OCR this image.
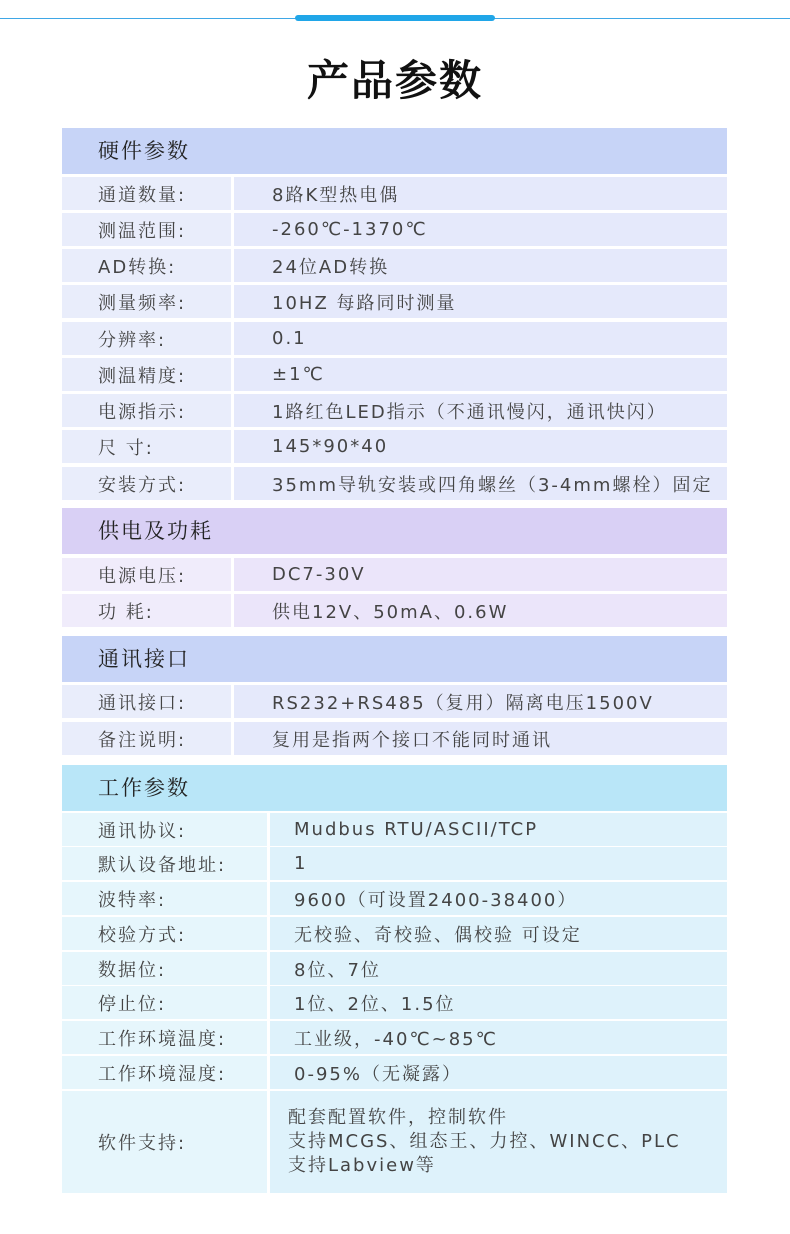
产品参数
硬件参数
通道数量:	8路K型热电偶
测温范围:	-260℃-1370℃
AD转换:	24位AD转换
测量频率:	10HZ 每路同时测量
分辨率:	0.1
测温精度:	±1℃
电源指示:	1路红色LED指示（不通讯慢闪，通讯快闪）
尺 寸:	145*90*40
安装方式:	35mm导轨安装或四角螺丝（3-4mm螺栓）固定
供电及功耗
电源电压:	DC7-30V
功 耗:	供电12V、50mA、0.6W
通讯接口
通讯接口:	RS232+RS485（复用）隔离电压1500V
备注说明:	复用是指两个接口不能同时通讯
工作参数
通讯协议:	Mudbus RTU/ASCII/TCP
默认设备地址:	1
波特率:	9600（可设置2400-38400）
校验方式:	无校验、奇校验、偶校验 可设定
数据位:	8位、7位
停止位:	1位、2位、1.5位
工作环境温度:	工业级，-40℃~85℃
工作环境湿度:	0-95%（无凝露）
软件支持:
配套配置软件，控制软件
支持MCGS、组态王、力控、WINCC、PLC
支持Labview等
